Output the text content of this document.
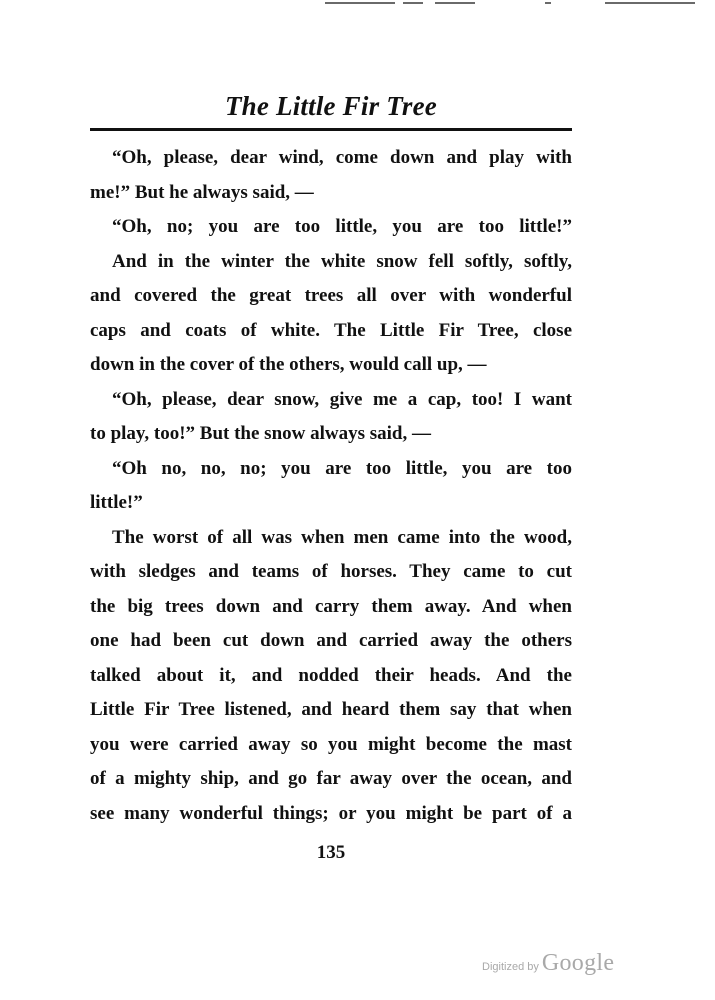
The Little Fir Tree
“Oh, please, dear wind, come down and play with
me!” But he always said, —
“Oh, no; you are too little, you are too little!”
And in the winter the white snow fell softly, softly,
and covered the great trees all over with wonderful
caps and coats of white. The Little Fir Tree, close
down in the cover of the others, would call up, —
“Oh, please, dear snow, give me a cap, too! I want
to play, too!” But the snow always said, —
“Oh no, no, no; you are too little, you are too
little!”
The worst of all was when men came into the wood,
with sledges and teams of horses. They came to cut
the big trees down and carry them away. And when
one had been cut down and carried away the others
talked about it, and nodded their heads. And the
Little Fir Tree listened, and heard them say that when
you were carried away so you might become the mast
of a mighty ship, and go far away over the ocean, and
see many wonderful things; or you might be part of a
135
Digitized by Google
